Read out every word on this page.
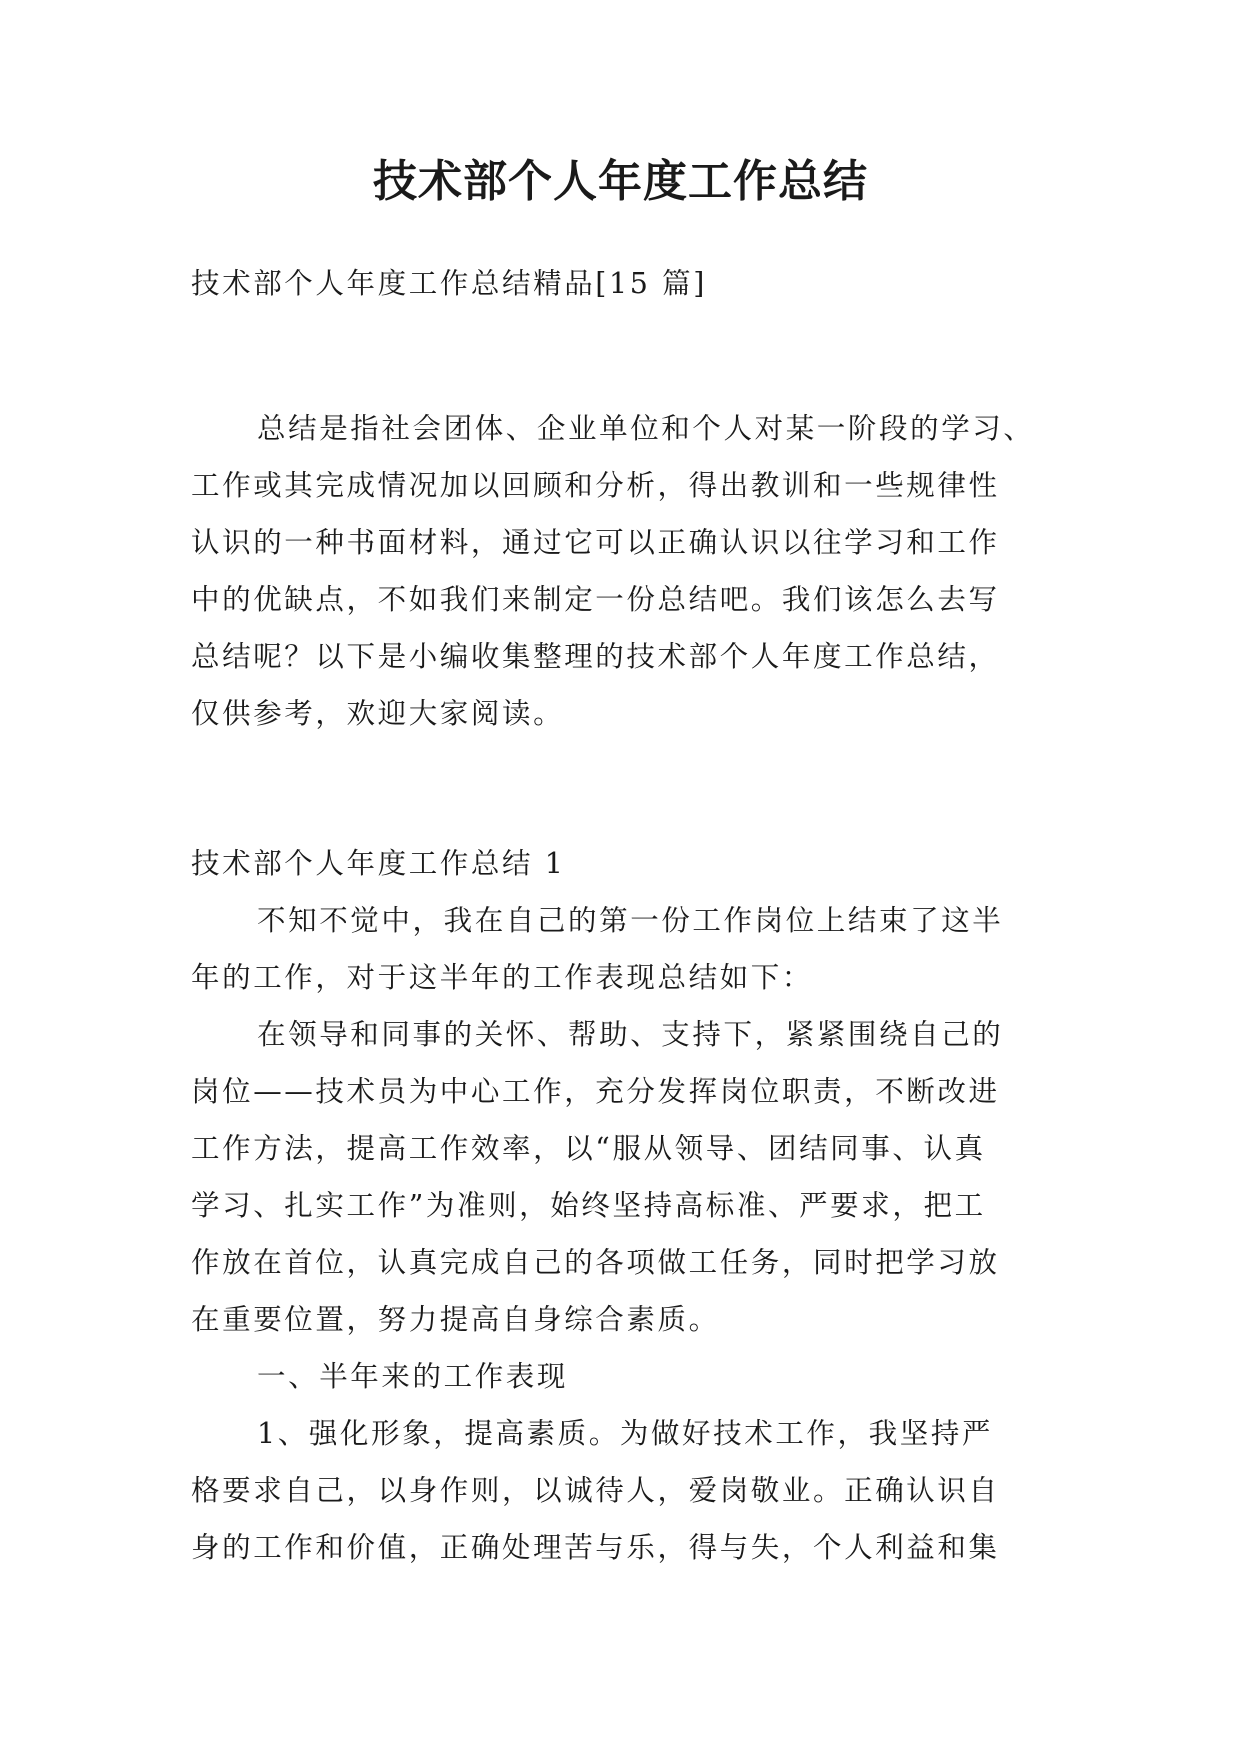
技术部个人年度工作总结
技术部个人年度工作总结精品[15 篇]
总结是指社会团体、企业单位和个人对某一阶段的学习、
工作或其完成情况加以回顾和分析，得出教训和一些规律性
认识的一种书面材料，通过它可以正确认识以往学习和工作
中的优缺点，不如我们来制定一份总结吧。我们该怎么去写
总结呢？以下是小编收集整理的技术部个人年度工作总结，
仅供参考，欢迎大家阅读。
技术部个人年度工作总结 1
不知不觉中，我在自己的第一份工作岗位上结束了这半
年的工作，对于这半年的工作表现总结如下：
在领导和同事的关怀、帮助、支持下，紧紧围绕自己的
岗位——技术员为中心工作，充分发挥岗位职责，不断改进
工作方法，提高工作效率，以“服从领导、团结同事、认真
学习、扎实工作”为准则，始终坚持高标准、严要求，把工
作放在首位，认真完成自己的各项做工任务，同时把学习放
在重要位置，努力提高自身综合素质。
一、半年来的工作表现
1、强化形象，提高素质。为做好技术工作，我坚持严
格要求自己，以身作则，以诚待人，爱岗敬业。正确认识自
身的工作和价值，正确处理苦与乐，得与失，个人利益和集
